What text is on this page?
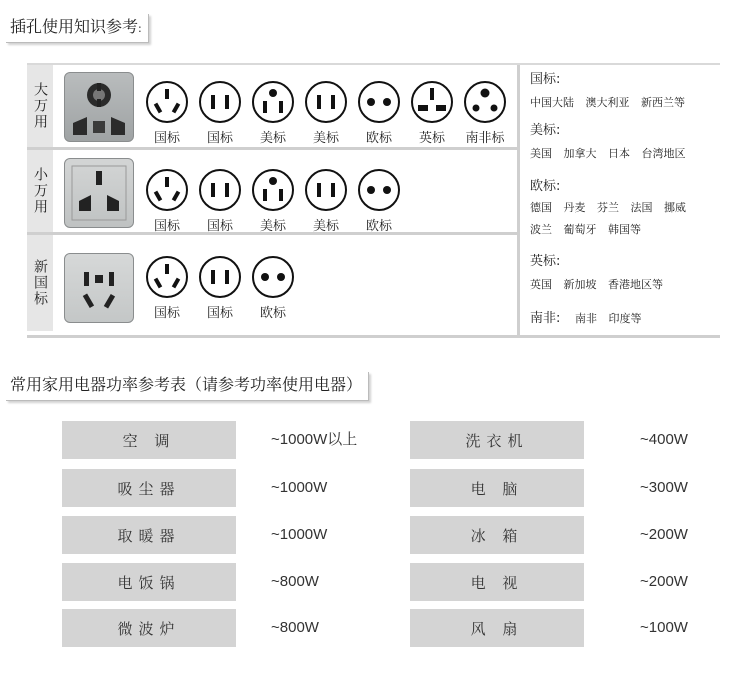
插孔使用知识参考:
大万用
国标	国标	美标	美标	欧标	英标	南非标
小万用
国标	国标	美标	美标	欧标
新国标
国标	国标	欧标
国标:
中国大陆 澳大利亚 新西兰等
美标:
美国 加拿大 日本 台湾地区
欧标:
德国 丹麦 芬兰 法国 挪威
波兰 葡萄牙 韩国等
英标:
英国 新加坡 香港地区等
南非: 南非 印度等
常用家用电器功率参考表（请参考功率使用电器）
空 调	~1000W以上
吸尘器	~1000W
取暖器	~1000W
电饭锅	~800W
微波炉	~800W
洗衣机	~400W
电 脑	~300W
冰 箱	~200W
电 视	~200W
风 扇	~100W
